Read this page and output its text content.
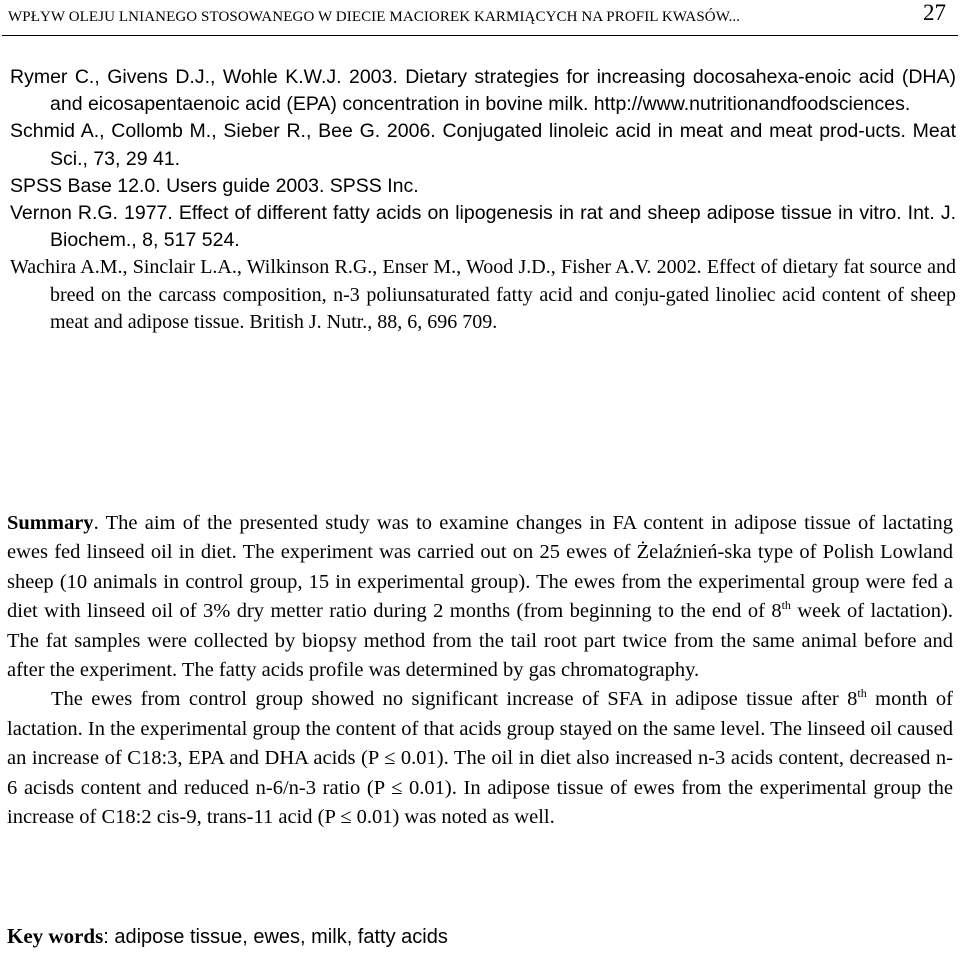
WPŁYW OLEJU LNIANEGO STOSOWANEGO W DIECIE MACIOREK KARMIĄCYCH NA PROFIL KWASÓW...	27

Rymer C., Givens D.J., Wohle K.W.J. 2003. Dietary strategies for increasing docosahexa-enoic acid (DHA) and eicosapentaenoic acid (EPA) concentration in bovine milk. http://www.nutritionandfoodsciences.

Schmid A., Collomb M., Sieber R., Bee G. 2006. Conjugated linoleic acid in meat and meat prod-ucts. Meat Sci., 73, 29 41.

SPSS Base 12.0. Users guide 2003. SPSS Inc.

Vernon R.G. 1977. Effect of different fatty acids on lipogenesis in rat and sheep adipose tissue in vitro. Int. J. Biochem., 8, 517 524.

Wachira A.M., Sinclair L.A., Wilkinson R.G., Enser M., Wood J.D., Fisher A.V. 2002. Effect of dietary fat source and breed on the carcass composition, n-3 poliunsaturated fatty acid and conju-gated linoliec acid content of sheep meat and adipose tissue. British J. Nutr., 88, 6, 696 709.

Summary. The aim of the presented study was to examine changes in FA content in adipose tissue of lactating ewes fed linseed oil in diet. The experiment was carried out on 25 ewes of Żelaźnień-ska type of Polish Lowland sheep (10 animals in control group, 15 in experimental group). The ewes from the experimental group were fed a diet with linseed oil of 3% dry metter ratio during 2 months (from beginning to the end of 8th week of lactation). The fat samples were collected by biopsy method from the tail root part twice from the same animal before and after the experiment. The fatty acids profile was determined by gas chromatography.

The ewes from control group showed no significant increase of SFA in adipose tissue after 8th month of lactation. In the experimental group the content of that acids group stayed on the same level. The linseed oil caused an increase of C18:3, EPA and DHA acids (P ≤ 0.01). The oil in diet also increased n-3 acids content, decreased n-6 acisds content and reduced n-6/n-3 ratio (P ≤ 0.01). In adipose tissue of ewes from the experimental group the increase of C18:2 cis-9, trans-11 acid (P ≤ 0.01) was noted as well.

Key words: adipose tissue, ewes, milk, fatty acids
